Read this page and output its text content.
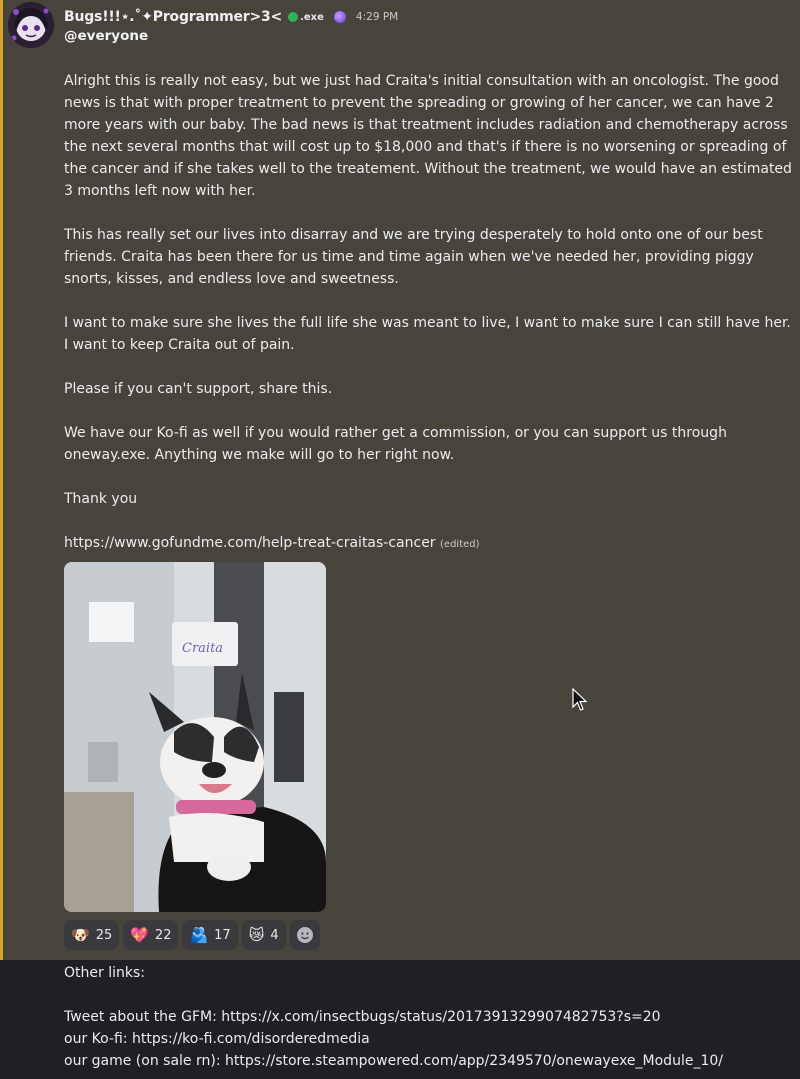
Bugs!!!⋆.˚✦Programmer>3< .exe	4:29 PM
@everyone

Alright this is really not easy, but we just had Craita's initial consultation with an oncologist. The good news is that with proper treatment to prevent the spreading or growing of her cancer, we can have 2 more years with our baby. The bad news is that treatment includes radiation and chemotherapy across the next several months that will cost up to $18,000 and that's if there is no worsening or spreading of the cancer and if she takes well to the treatement. Without the treatment, we would have an estimated 3 months left now with her.

This has really set our lives into disarray and we are trying desperately to hold onto one of our best friends. Craita has been there for us time and time again when we've needed her, providing piggy snorts, kisses, and endless love and sweetness.

I want to make sure she lives the full life she was meant to live, I want to make sure I can still have her. I want to keep Craita out of pain.

Please if you can't support, share this.

We have our Ko-fi as well if you would rather get a commission, or you can support us through oneway.exe. Anything we make will go to her right now.

Thank you

https://www.gofundme.com/help-treat-craitas-cancer (edited)

Craita
🐶 25 💖 22 🫂 17 😿 4

Other links:

Tweet about the GFM: https://x.com/insectbugs/status/2017391329907482753?s=20

our Ko-fi: https://ko-fi.com/disorderedmedia

our game (on sale rn): https://store.steampowered.com/app/2349570/onewayexe_Module_10/
